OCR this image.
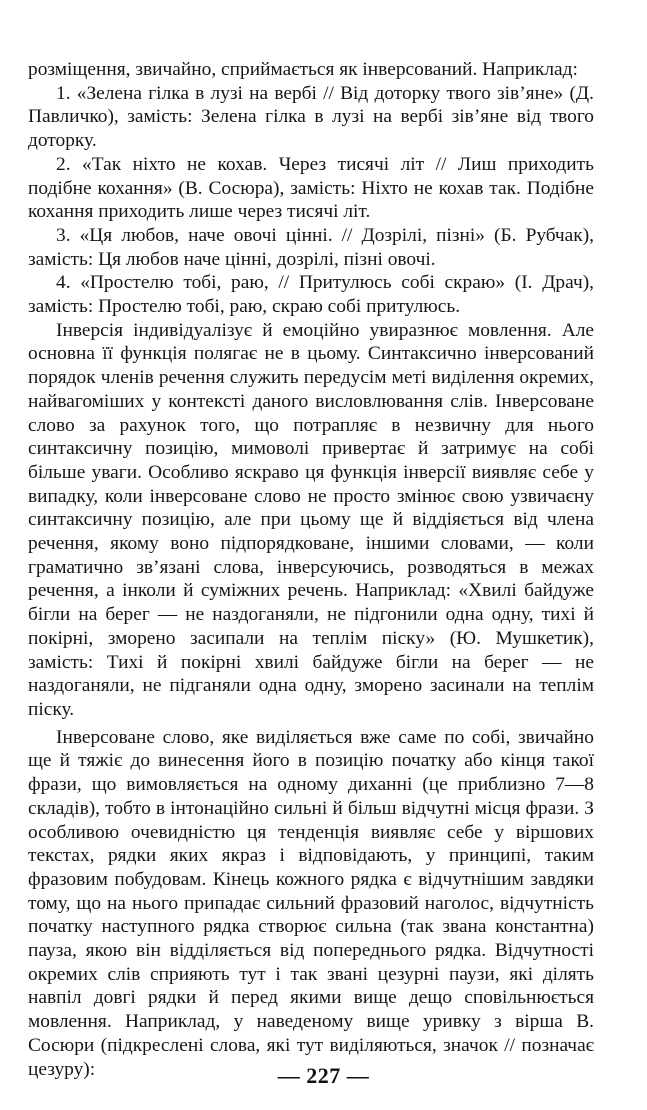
розміщення, звичайно, сприймається як інверсований. Наприклад:

1. «Зелена гілка в лузі на вербі // Від доторку твого зів’яне» (Д. Павличко), замість: Зелена гілка в лузі на вербі зів’яне від твого доторку.

2. «Так ніхто не кохав. Через тисячі літ // Лиш приходить подібне кохання» (В. Сосюра), замість: Ніхто не кохав так. Подібне кохання приходить лише через тисячі літ.

3. «Ця любов, наче овочі цінні. // Дозрілі, пізні» (Б. Рубчак), замість: Ця любов наче цінні, дозрілі, пізні овочі.

4. «Простелю тобі, раю, // Притулюсь собі скраю» (І. Драч), замість: Простелю тобі, раю, скраю собі притулюсь.

Інверсія індивідуалізує й емоційно увиразнює мовлення. Але основна її функція полягає не в цьому. Синтаксично інверсований порядок членів речення служить передусім меті виділення окремих, найвагоміших у контексті даного висловлювання слів. Інверсоване слово за рахунок того, що потрапляє в незвичну для нього синтаксичну позицію, мимоволі привертає й затримує на собі більше уваги. Особливо яскраво ця функція інверсії виявляє себе у випадку, коли інверсоване слово не просто змінює свою узвичаєну синтаксичну позицію, але при цьому ще й віддіяється від члена речення, якому воно підпорядковане, іншими словами, — коли граматично зв’язані слова, інверсуючись, розводяться в межах речення, а інколи й суміжних речень. Наприклад: «Хвилі байдуже бігли на берег — не наздоганяли, не підгонили одна одну, тихі й покірні, зморено засипали на теплім піску» (Ю. Мушкетик), замість: Тихі й покірні хвилі байдуже бігли на берег — не наздоганяли, не підганяли одна одну, зморено засинали на теплім піску.

Інверсоване слово, яке виділяється вже саме по собі, звичайно ще й тяжіє до винесення його в позицію початку або кінця такої фрази, що вимовляється на одному диханні (це приблизно 7—8 складів), тобто в інтонаційно сильні й більш відчутні місця фрази. З особливою очевидністю ця тенденція виявляє себе у віршових текстах, рядки яких якраз і відповідають, у принципі, таким фразовим побудовам. Кінець кожного рядка є відчутнішим завдяки тому, що на нього припадає сильний фразовий наголос, відчутність початку наступного рядка створює сильна (так звана константна) пауза, якою він відділяється від попереднього рядка. Відчутності окремих слів сприяють тут і так звані цезурні паузи, які ділять навпіл довгі рядки й перед якими вище дещо сповільнюється мовлення. Наприклад, у наведеному вище уривку з вірша В. Сосюри (підкреслені слова, які тут виділяються, значок // позначає цезуру):	— 227 —
